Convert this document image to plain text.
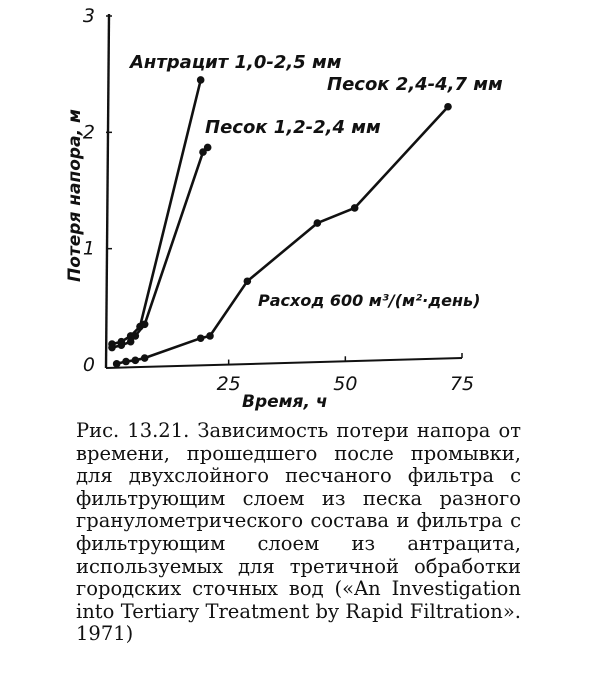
0
1
2
3
25	50	75
Потеря напора, м
Время, ч
Антрацит 1,0-2,5 мм
Песок 1,2-2,4 мм
Песок 2,4-4,7 мм
Расход 600 м³/(м²·день)

Рис. 13.21. Зависимость потери напора от времени, прошедшего после промывки, для двухслойного песчаного фильтра с фильтрующим слоем из песка разного гранулометрического состава и фильтра с фильтрующим слоем из антрацита, используемых для третичной обработки городских сточных вод («An Investigation into Tertiary Treatment by Rapid Filtration». 1971)
